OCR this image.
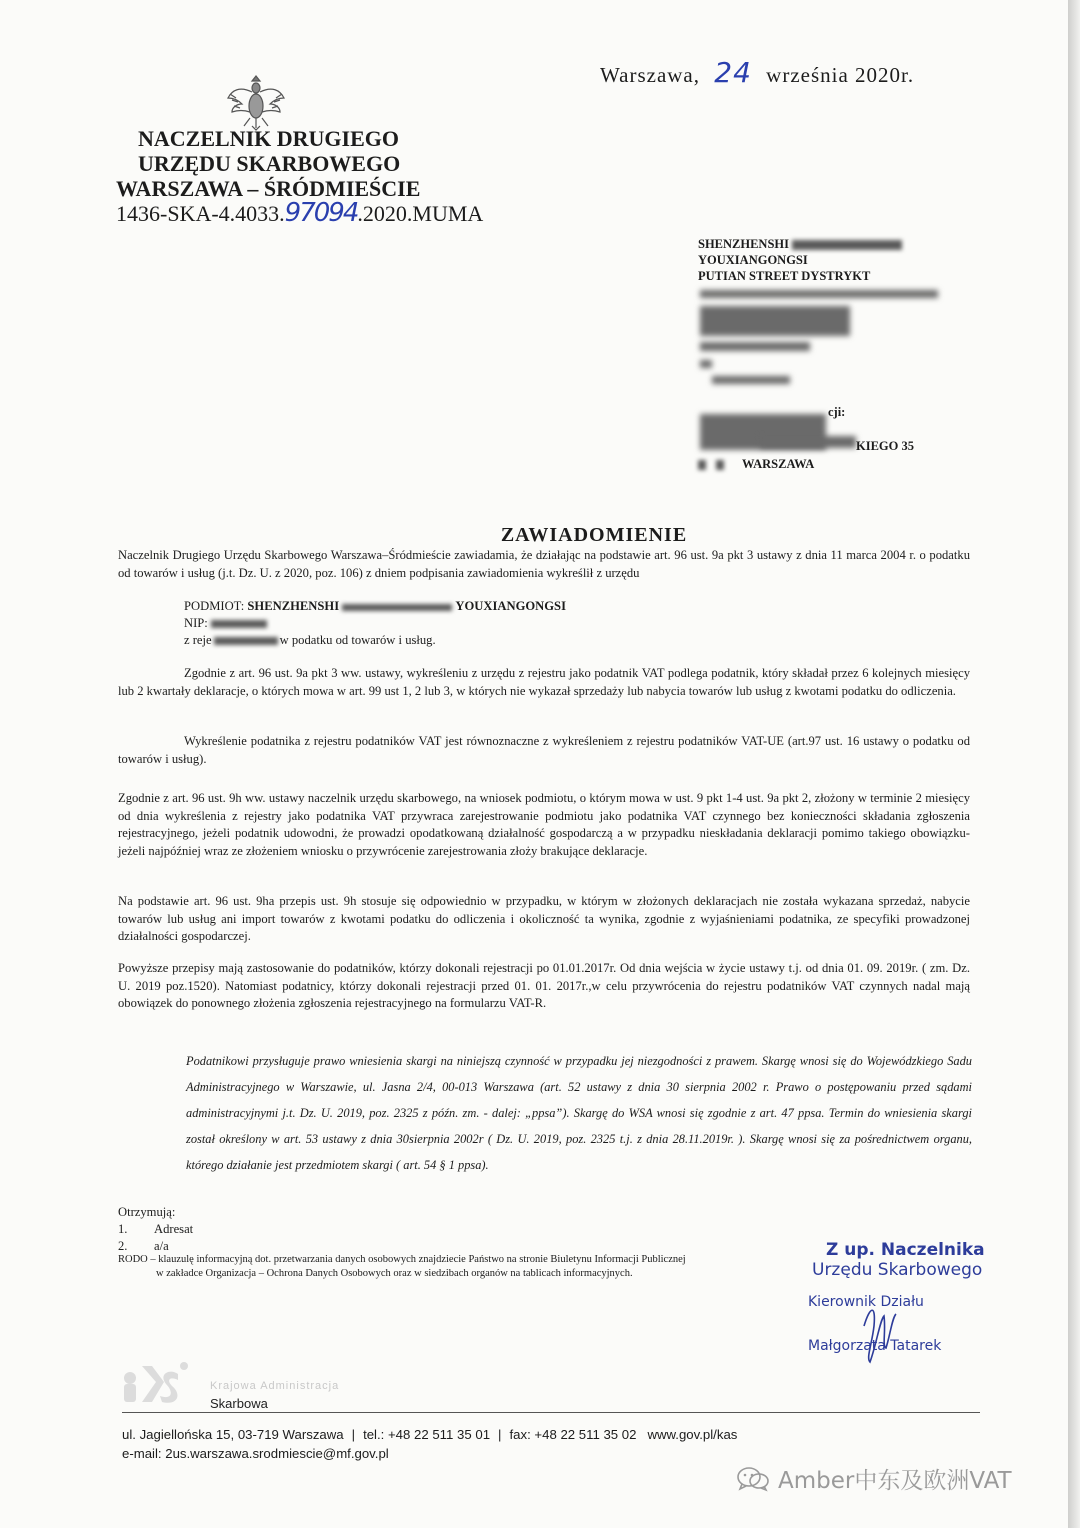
NACZELNIK DRUGIEGO
URZĘDU SKARBOWEGO
WARSZAWA – ŚRÓDMIEŚCIE
1436-SKA-4.4033.97094.2020.MUMA
Warszawa, 24 września 2020r.
SHENZHENSHI
YOUXIANGONGSI
PUTIAN STREET DYSTRYKT
cji:
KIEGO 35
WARSZAWA
ZAWIADOMIENIE
Naczelnik Drugiego Urzędu Skarbowego Warszawa–Śródmieście zawiadamia, że działając na podstawie art. 96 ust. 9a pkt 3 ustawy z dnia 11 marca 2004 r. o podatku od towarów i usług (j.t. Dz. U. z 2020, poz. 106) z dniem podpisania zawiadomienia wykreślił z urzędu
PODMIOT: SHENZHENSHI	YOUXIANGONGSI
NIP:
z reje	w podatku od towarów i usług.
Zgodnie z art. 96 ust. 9a pkt 3 ww. ustawy, wykreśleniu z urzędu z rejestru jako podatnik VAT podlega podatnik, który składał przez 6 kolejnych miesięcy lub 2 kwartały deklaracje, o których mowa w art. 99 ust 1, 2 lub 3, w których nie wykazał sprzedaży lub nabycia towarów lub usług z kwotami podatku do odliczenia.
Wykreślenie podatnika z rejestru podatników VAT jest równoznaczne z wykreśleniem z rejestru podatników VAT-UE (art.97 ust. 16 ustawy o podatku od towarów i usług).
Zgodnie z art. 96 ust. 9h ww. ustawy naczelnik urzędu skarbowego, na wniosek podmiotu, o którym mowa w ust. 9 pkt 1-4 ust. 9a pkt 2, złożony w terminie 2 miesięcy od dnia wykreślenia z rejestry jako podatnika VAT przywraca zarejestrowanie podmiotu jako podatnika VAT czynnego bez konieczności składania zgłoszenia rejestracyjnego, jeżeli podatnik udowodni, że prowadzi opodatkowaną działalność gospodarczą a w przypadku nieskładania deklaracji pomimo takiego obowiązku-jeżeli najpóźniej wraz ze złożeniem wniosku o przywrócenie zarejestrowania złoży brakujące deklaracje.
Na podstawie art. 96 ust. 9ha przepis ust. 9h stosuje się odpowiednio w przypadku, w którym w złożonych deklaracjach nie została wykazana sprzedaż, nabycie towarów lub usług ani import towarów z kwotami podatku do odliczenia i okoliczność ta wynika, zgodnie z wyjaśnieniami podatnika, ze specyfiki prowadzonej działalności gospodarczej.
Powyższe przepisy mają zastosowanie do podatników, którzy dokonali rejestracji po 01.01.2017r. Od dnia wejścia w życie ustawy t.j. od dnia 01. 09. 2019r. ( zm. Dz. U. 2019 poz.1520). Natomiast podatnicy, którzy dokonali rejestracji przed 01. 01. 2017r.,w celu przywrócenia do rejestru podatników VAT czynnych nadal mają obowiązek do ponownego złożenia zgłoszenia rejestracyjnego na formularzu VAT-R.
Podatnikowi przysługuje prawo wniesienia skargi na niniejszą czynność w przypadku jej niezgodności z prawem. Skargę wnosi się do Wojewódzkiego Sadu Administracyjnego w Warszawie, ul. Jasna 2/4, 00-013 Warszawa (art. 52 ustawy z dnia 30 sierpnia 2002 r. Prawo o postępowaniu przed sądami administracyjnymi j.t. Dz. U. 2019, poz. 2325 z późn. zm. - dalej: „ppsa”). Skargę do WSA wnosi się zgodnie z art. 47 ppsa. Termin do wniesienia skargi został określony w art. 53 ustawy z dnia 30sierpnia 2002r ( Dz. U. 2019, poz. 2325 t.j. z dnia 28.11.2019r. ). Skargę wnosi się za pośrednictwem organu, którego działanie jest przedmiotem skargi ( art. 54 § 1 ppsa).
Otrzymują:
1.	Adresat
2.	a/a
RODO – klauzulę informacyjną dot. przetwarzania danych osobowych znajdziecie Państwo na stronie Biuletynu Informacji Publicznej
w zakładce Organizacja – Ochrona Danych Osobowych oraz w siedzibach organów na tablicach informacyjnych.
Z up. Naczelnika
Urzędu Skarbowego
Kierownik Działu
Małgorzata Tatarek
Krajowa Administracja
Skarbowa
ul. Jagiellońska 15, 03-719 Warszawa | tel.: +48 22 511 35 01 | fax: +48 22 511 35 02 www.gov.pl/kas
e-mail: 2us.warszawa.srodmiescie@mf.gov.pl
Amber中东及欧洲VAT
